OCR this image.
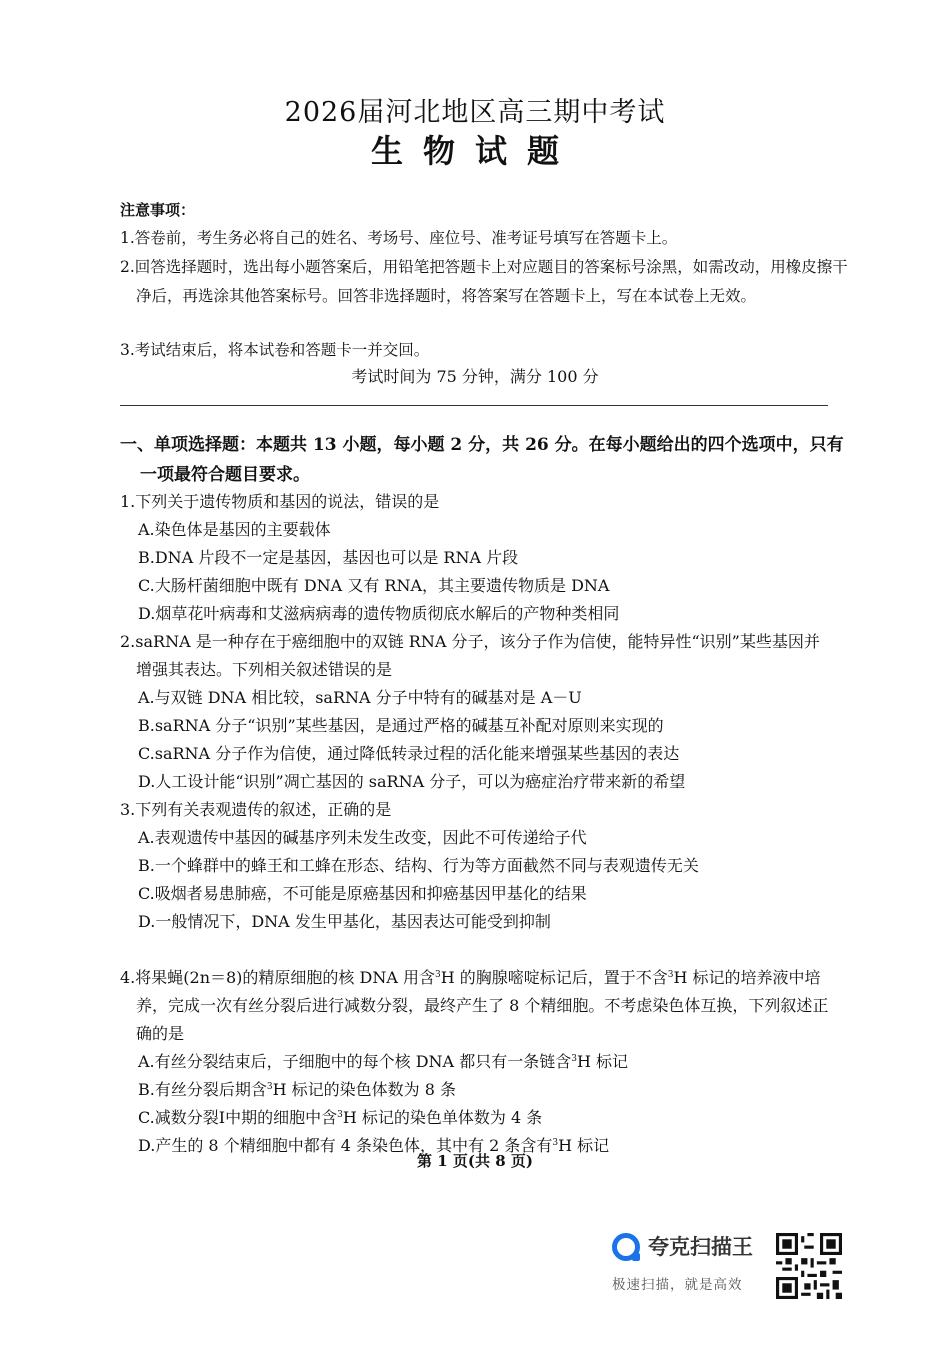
2026届河北地区高三期中考试
生物试题
注意事项：
1.答卷前，考生务必将自己的姓名、考场号、座位号、准考证号填写在答题卡上。
2.回答选择题时，选出每小题答案后，用铅笔把答题卡上对应题目的答案标号涂黑，如需改动，用橡皮擦干净后，再选涂其他答案标号。回答非选择题时，将答案写在答题卡上，写在本试卷上无效。
3.考试结束后，将本试卷和答题卡一并交回。
考试时间为 75 分钟，满分 100 分
一、单项选择题：本题共 13 小题，每小题 2 分，共 26 分。在每小题给出的四个选项中，只有一项最符合题目要求。
1.下列关于遗传物质和基因的说法，错误的是
A.染色体是基因的主要载体
B.DNA 片段不一定是基因，基因也可以是 RNA 片段
C.大肠杆菌细胞中既有 DNA 又有 RNA，其主要遗传物质是 DNA
D.烟草花叶病毒和艾滋病病毒的遗传物质彻底水解后的产物种类相同
2.saRNA 是一种存在于癌细胞中的双链 RNA 分子，该分子作为信使，能特异性“识别”某些基因并增强其表达。下列相关叙述错误的是
A.与双链 DNA 相比较，saRNA 分子中特有的碱基对是 A－U
B.saRNA 分子“识别”某些基因，是通过严格的碱基互补配对原则来实现的
C.saRNA 分子作为信使，通过降低转录过程的活化能来增强某些基因的表达
D.人工设计能“识别”凋亡基因的 saRNA 分子，可以为癌症治疗带来新的希望
3.下列有关表观遗传的叙述，正确的是
A.表观遗传中基因的碱基序列未发生改变，因此不可传递给子代
B.一个蜂群中的蜂王和工蜂在形态、结构、行为等方面截然不同与表观遗传无关
C.吸烟者易患肺癌，不可能是原癌基因和抑癌基因甲基化的结果
D.一般情况下，DNA 发生甲基化，基因表达可能受到抑制
4.将果蝇(2n＝8)的精原细胞的核 DNA 用含$^3$H 的胸腺嘧啶标记后，置于不含$^3$H 标记的培养液中培养，完成一次有丝分裂后进行减数分裂，最终产生了 8 个精细胞。不考虑染色体互换，下列叙述正确的是
A.有丝分裂结束后，子细胞中的每个核 DNA 都只有一条链含$^3$H 标记
B.有丝分裂后期含$^3$H 标记的染色体数为 8 条
C.减数分裂Ⅰ中期的细胞中含$^3$H 标记的染色单体数为 4 条
D.产生的 8 个精细胞中都有 4 条染色体，其中有 2 条含有$^3$H 标记
第 1 页(共 8 页)
夸克扫描王
极速扫描，就是高效
